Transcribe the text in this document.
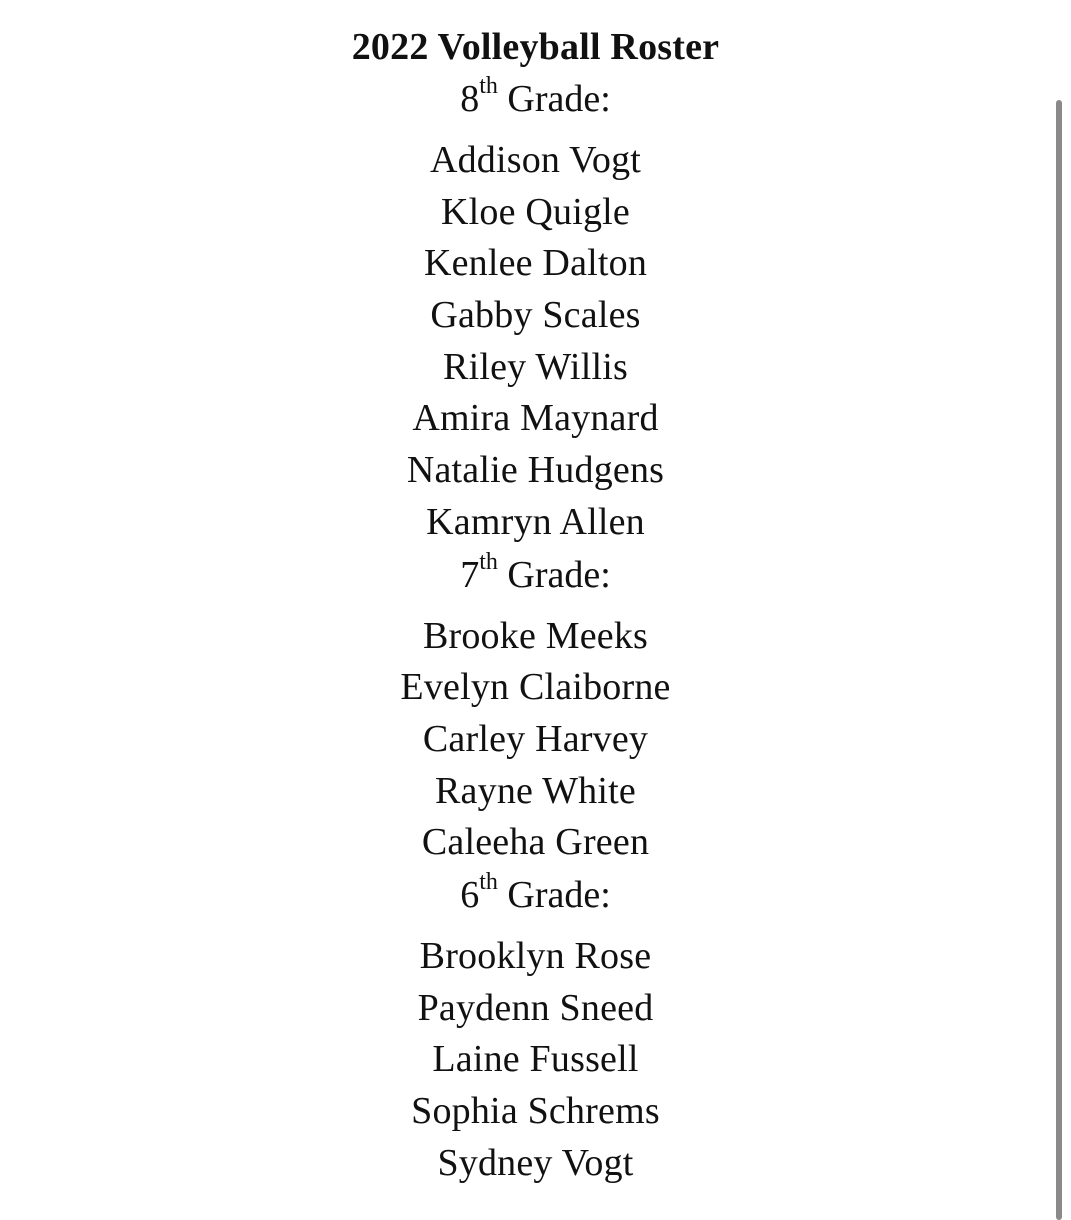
2022 Volleyball Roster
8th Grade:
Addison Vogt
Kloe Quigle
Kenlee Dalton
Gabby Scales
Riley Willis
Amira Maynard
Natalie Hudgens
Kamryn Allen
7th Grade:
Brooke Meeks
Evelyn Claiborne
Carley Harvey
Rayne White
Caleeha Green
6th Grade:
Brooklyn Rose
Paydenn Sneed
Laine Fussell
Sophia Schrems
Sydney Vogt
